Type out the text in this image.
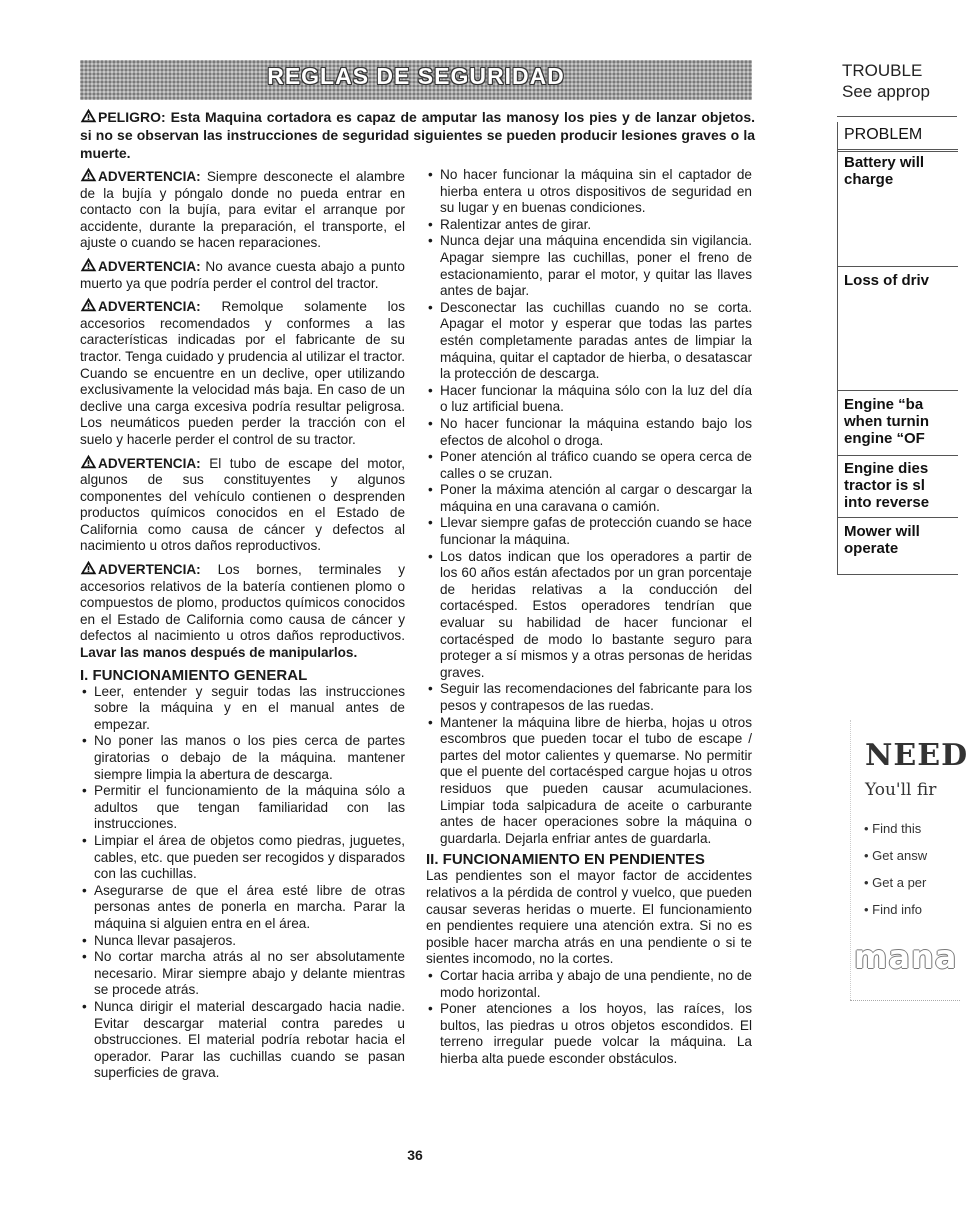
REGLAS DE SEGURIDAD
PELIGRO: Esta Maquina cortadora es capaz de amputar las manosy los pies y de lanzar objetos. si no se observan las instrucciones de seguridad siguientes se pueden producir lesiones graves o la muerte.

ADVERTENCIA: Siempre desconecte el alambre de la bujía y póngalo donde no pueda entrar en contacto con la bujía, para evitar el arranque por accidente, durante la preparación, el transporte, el ajuste o cuando se hacen reparaciones.

ADVERTENCIA: No avance cuesta abajo a punto muerto ya que podría perder el control del tractor.

ADVERTENCIA: Remolque solamente los accesorios recomendados y conformes a las características indicadas por el fabricante de su tractor. Tenga cuidado y prudencia al utilizar el tractor. Cuando se encuentre en un declive, oper utilizando exclusivamente la velocidad más baja. En caso de un declive una carga excesiva podría resultar peligrosa. Los neumáticos pueden perder la tracción con el suelo y hacerle perder el control de su tractor.

ADVERTENCIA: El tubo de escape del motor, algunos de sus constituyentes y algunos componentes del vehículo contienen o desprenden productos químicos conocidos en el Estado de California como causa de cáncer y defectos al nacimiento u otros daños reproductivos.

ADVERTENCIA: Los bornes, terminales y accesorios relativos de la batería contienen plomo o compuestos de plomo, productos químicos conocidos en el Estado de California como causa de cáncer y defectos al nacimiento u otros daños reproductivos. Lavar las manos después de manipularlos.

I. FUNCIONAMIENTO GENERAL
• Leer, entender y seguir todas las instrucciones sobre la máquina y en el manual antes de empezar.
• No poner las manos o los pies cerca de partes giratorias o debajo de la máquina. mantener siempre limpia la abertura de descarga.
• Permitir el funcionamiento de la máquina sólo a adultos que tengan familiaridad con las instrucciones.
• Limpiar el área de objetos como piedras, juguetes, cables, etc. que pueden ser recogidos y disparados con las cuchillas.
• Asegurarse de que el área esté libre de otras personas antes de ponerla en marcha. Parar la máquina si alguien entra en el área.
• Nunca llevar pasajeros.
• No cortar marcha atrás al no ser absolutamente necesario. Mirar siempre abajo y delante mientras se procede atrás.
• Nunca dirigir el material descargado hacia nadie. Evitar descargar material contra paredes u obstrucciones. El material podría rebotar hacia el operador. Parar las cuchillas cuando se pasan superficies de grava.
• No hacer funcionar la máquina sin el captador de hierba entera u otros dispositivos de seguridad en su lugar y en buenas condiciones.
• Ralentizar antes de girar.
• Nunca dejar una máquina encendida sin vigilancia. Apagar siempre las cuchillas, poner el freno de estacionamiento, parar el motor, y quitar las llaves antes de bajar.
• Desconectar las cuchillas cuando no se corta. Apagar el motor y esperar que todas las partes estén completamente paradas antes de limpiar la máquina, quitar el captador de hierba, o desatascar la protección de descarga.
• Hacer funcionar la máquina sólo con la luz del día o luz artificial buena.
• No hacer funcionar la máquina estando bajo los efectos de alcohol o droga.
• Poner atención al tráfico cuando se opera cerca de calles o se cruzan.
• Poner la máxima atención al cargar o descargar la máquina en una caravana o camión.
• Llevar siempre gafas de protección cuando se hace funcionar la máquina.
• Los datos indican que los operadores a partir de los 60 años están afectados por un gran porcentaje de heridas relativas a la conducción del cortacésped. Estos operadores tendrían que evaluar su habilidad de hacer funcionar el cortacésped de modo lo bastante seguro para proteger a sí mismos y a otras personas de heridas graves.
• Seguir las recomendaciones del fabricante para los pesos y contrapesos de las ruedas.
• Mantener la máquina libre de hierba, hojas u otros escombros que pueden tocar el tubo de escape / partes del motor calientes y quemarse. No permitir que el puente del cortacésped cargue hojas u otros residuos que pueden causar acumulaciones. Limpiar toda salpicadura de aceite o carburante antes de hacer operaciones sobre la máquina o guardarla. Dejarla enfriar antes de guardarla.
II. FUNCIONAMIENTO EN PENDIENTES

Las pendientes son el mayor factor de accidentes relativos a la pérdida de control y vuelco, que pueden causar severas heridas o muerte. El funcionamiento en pendientes requiere una atención extra. Si no es posible hacer marcha atrás en una pendiente o si te sientes incomodo, no la cortes.

• Cortar hacia arriba y abajo de una pendiente, no de modo horizontal.
• Poner atenciones a los hoyos, las raíces, los bultos, las piedras u otros objetos escondidos. El terreno irregular puede volcar la máquina. La hierba alta puede esconder obstáculos.
36
TROUBLE
See approp
PROBLEM
Battery will
charge
Loss of driv
Engine “ba
when turnin
engine “OF
Engine dies
tractor is sl
into reverse
Mower will
operate
NEED
You'll fir
• Find this
• Get answ
• Get a per
• Find info
mana
